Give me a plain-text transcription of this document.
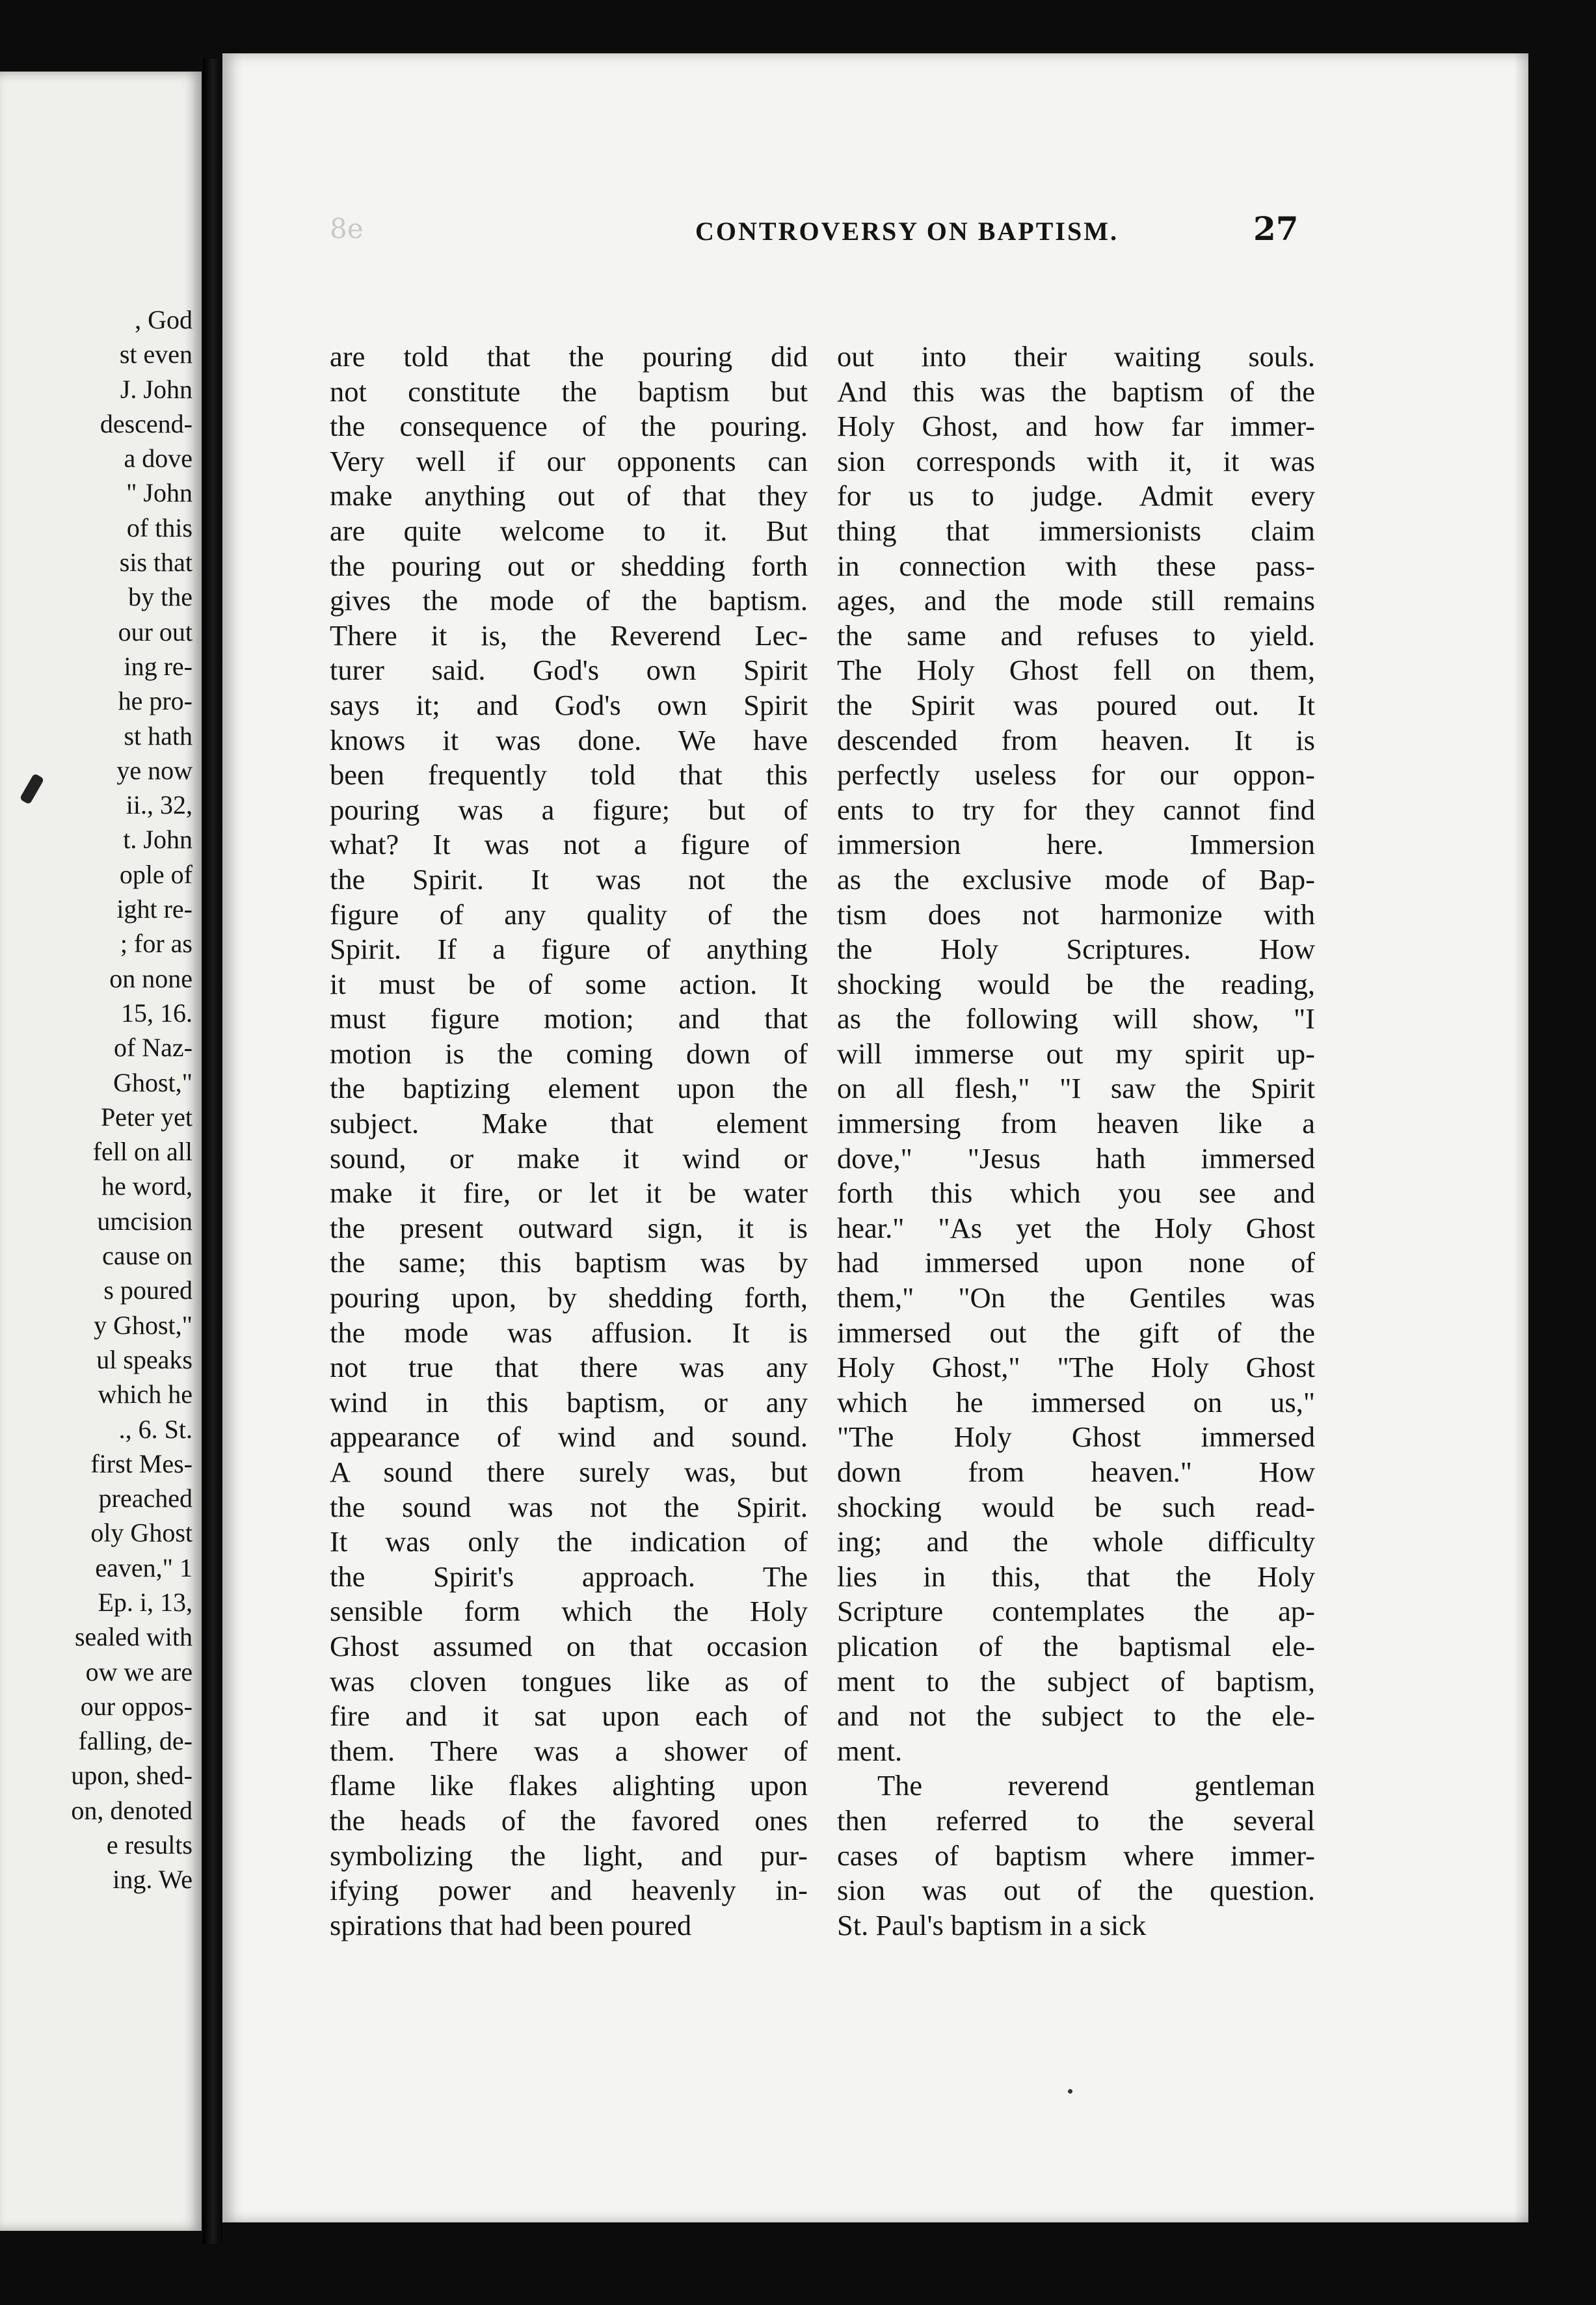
, God
st even
J. John
descend-
a dove
" John
of this
sis that
by the
our out
ing re-
he pro-
st hath
ye now
ii., 32,
t. John
ople of
ight re-
; for as
on none
15, 16.
of Naz-
Ghost,"
Peter yet
fell on all
he word,
umcision
cause on
s poured
y Ghost,"
ul speaks
which he
., 6. St.
first Mes-
preached
oly Ghost
eaven," 1
Ep. i, 13,
sealed with
ow we are
our oppos-
falling, de-
upon, shed-
on, denoted
e results
ing. We
8e	CONTROVERSY ON BAPTISM.	27
are told that the pouring did
not constitute the baptism but
the consequence of the pouring.
Very well if our opponents can
make anything out of that they
are quite welcome to it. But
the pouring out or shedding forth
gives the mode of the baptism.
There it is, the Reverend Lec-
turer said. God's own Spirit
says it; and God's own Spirit
knows it was done. We have
been frequently told that this
pouring was a figure; but of
what? It was not a figure of
the Spirit. It was not the
figure of any quality of the
Spirit. If a figure of anything
it must be of some action. It
must figure motion; and that
motion is the coming down of
the baptizing element upon the
subject. Make that element
sound, or make it wind or
make it fire, or let it be water
the present outward sign, it is
the same; this baptism was by
pouring upon, by shedding forth,
the mode was affusion. It is
not true that there was any
wind in this baptism, or any
appearance of wind and sound.
A sound there surely was, but
the sound was not the Spirit.
It was only the indication of
the Spirit's approach. The
sensible form which the Holy
Ghost assumed on that occasion
was cloven tongues like as of
fire and it sat upon each of
them. There was a shower of
flame like flakes alighting upon
the heads of the favored ones
symbolizing the light, and pur-
ifying power and heavenly in-
spirations that had been poured
out into their waiting souls.
And this was the baptism of the
Holy Ghost, and how far immer-
sion corresponds with it, it was
for us to judge. Admit every
thing that immersionists claim
in connection with these pass-
ages, and the mode still remains
the same and refuses to yield.
The Holy Ghost fell on them,
the Spirit was poured out. It
descended from heaven. It is
perfectly useless for our oppon-
ents to try for they cannot find
immersion here. Immersion
as the exclusive mode of Bap-
tism does not harmonize with
the Holy Scriptures. How
shocking would be the reading,
as the following will show, "I
will immerse out my spirit up-
on all flesh," "I saw the Spirit
immersing from heaven like a
dove," "Jesus hath immersed
forth this which you see and
hear." "As yet the Holy Ghost
had immersed upon none of
them," "On the Gentiles was
immersed out the gift of the
Holy Ghost," "The Holy Ghost
which he immersed on us,"
"The Holy Ghost immersed
down from heaven." How
shocking would be such read-
ing; and the whole difficulty
lies in this, that the Holy
Scripture contemplates the ap-
plication of the baptismal ele-
ment to the subject of baptism,
and not the subject to the ele-
ment.
The reverend gentleman
then referred to the several
cases of baptism where immer-
sion was out of the question.
St. Paul's baptism in a sick
